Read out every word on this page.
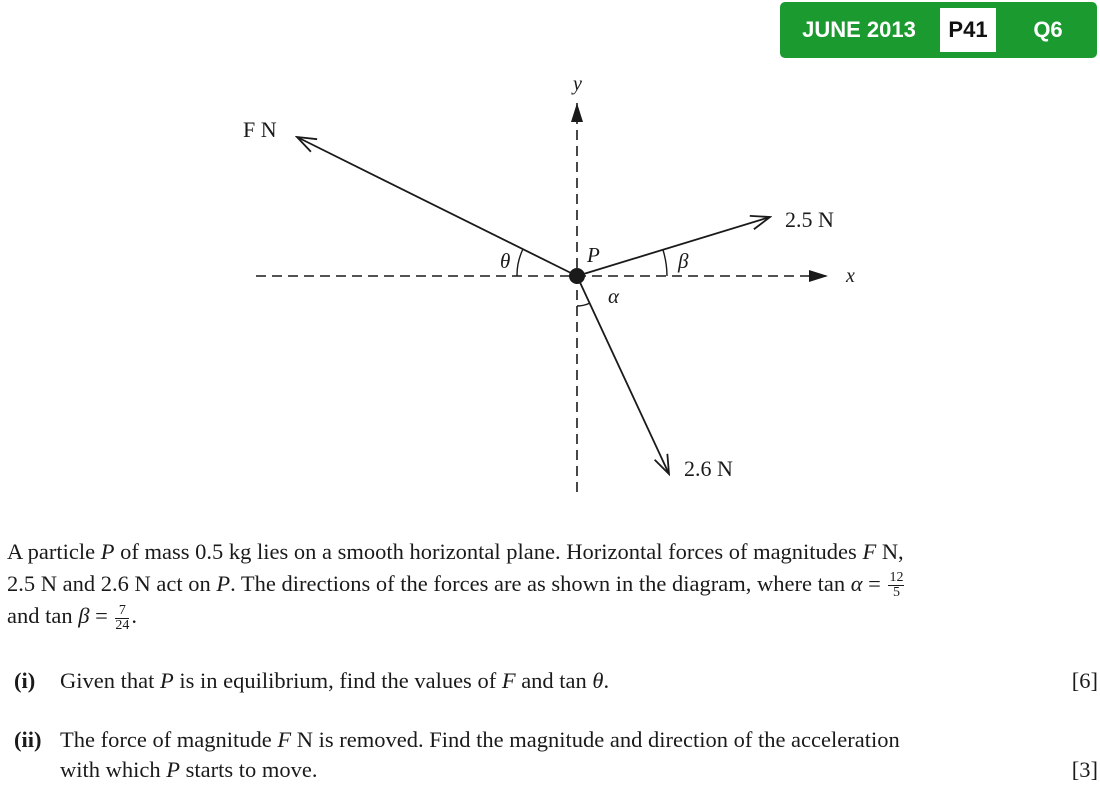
JUNE 2013	P41	Q6
x
y
P
θ	β
α
F N
2.5 N
2.6 N
A particle P of mass 0.5 kg lies on a smooth horizontal plane. Horizontal forces of magnitudes F N,
2.5 N and 2.6 N act on P. The directions of the forces are as shown in the diagram, where $\tan \alpha = \frac{12}{5}$
and $\tan \beta = \frac{7}{24}$ .
(i) Given that P is in equilibrium, find the values of F and tan θ.	[6]
(ii) The force of magnitude F N is removed. Find the magnitude and direction of the acceleration
with which P starts to move.	[3]
